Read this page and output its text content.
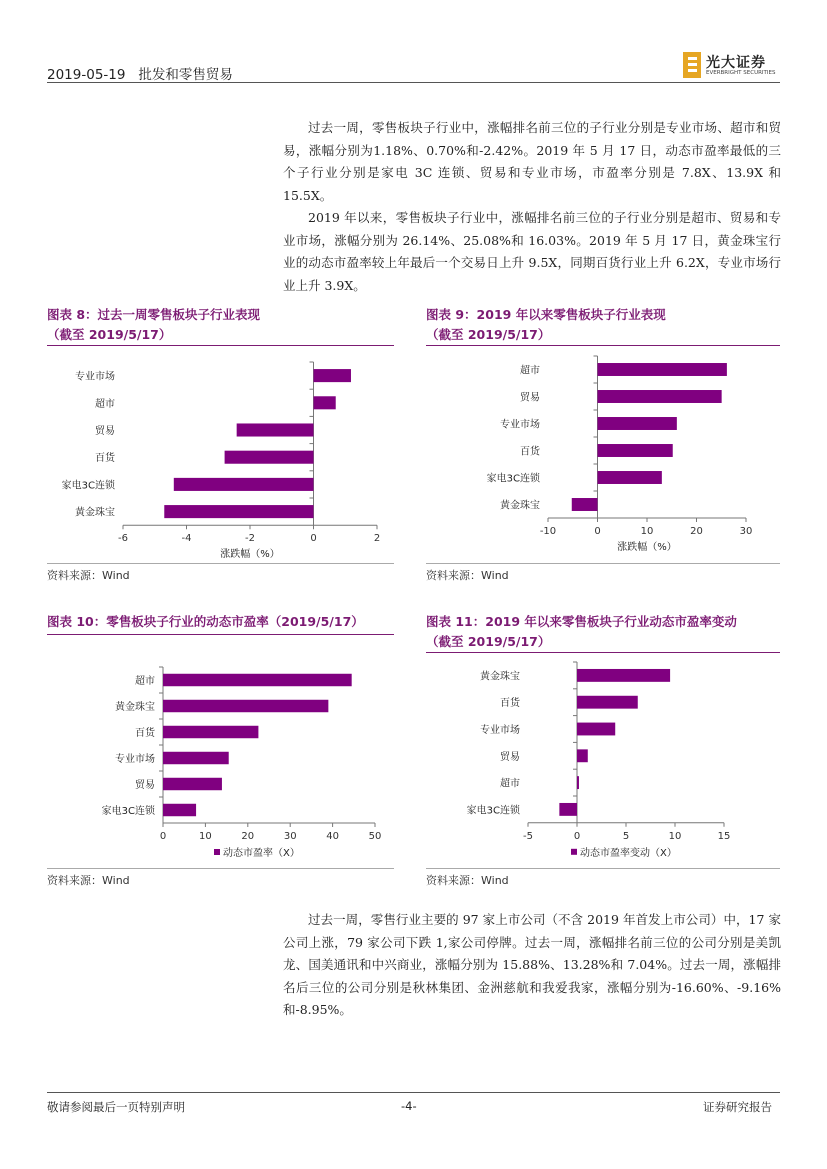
2019-05-19 批发和零售贸易
光大证券
EVERBRIGHT SECURITIES

过去一周，零售板块子行业中，涨幅排名前三位的子行业分别是专业市场、超市和贸易，涨幅分别为1.18%、0.70%和-2.42%。2019 年 5 月 17 日，动态市盈率最低的三个子行业分别是家电 3C 连锁、贸易和专业市场，市盈率分别是 7.8X、13.9X 和 15.5X。

2019 年以来，零售板块子行业中，涨幅排名前三位的子行业分别是超市、贸易和专业市场，涨幅分别为 26.14%、25.08%和 16.03%。2019 年 5 月 17 日，黄金珠宝行业的动态市盈率较上年最后一个交易日上升 9.5X，同期百货行业上升 6.2X，专业市场行业上升 3.9X。

图表 8：过去一周零售板块子行业表现
（截至 2019/5/17）
-6	-4	-2	0	2
专业市场
超市
贸易
百货
家电3C连锁
黄金珠宝
涨跌幅（%）
资料来源：Wind
图表 9：2019 年以来零售板块子行业表现
（截至 2019/5/17）
-10	0	10	20	30
超市
贸易
专业市场
百货
家电3C连锁
黄金珠宝
涨跌幅（%）
资料来源：Wind
图表 10：零售板块子行业的动态市盈率（2019/5/17）
0	10	20	30	40	50
超市
黄金珠宝
百货
专业市场
贸易
家电3C连锁
动态市盈率（X）
资料来源：Wind
图表 11：2019 年以来零售板块子行业动态市盈率变动
（截至 2019/5/17）
-5	0	5	10	15
黄金珠宝
百货
专业市场
贸易
超市
家电3C连锁
动态市盈率变动（X）
资料来源：Wind

过去一周，零售行业主要的 97 家上市公司（不含 2019 年首发上市公司）中，17 家公司上涨，79 家公司下跌 1,家公司停牌。过去一周，涨幅排名前三位的公司分别是美凯龙、国美通讯和中兴商业，涨幅分别为 15.88%、13.28%和 7.04%。过去一周，涨幅排名后三位的公司分别是秋林集团、金洲慈航和我爱我家，涨幅分别为-16.60%、-9.16%和-8.95%。

敬请参阅最后一页特别声明	-4-	证券研究报告
